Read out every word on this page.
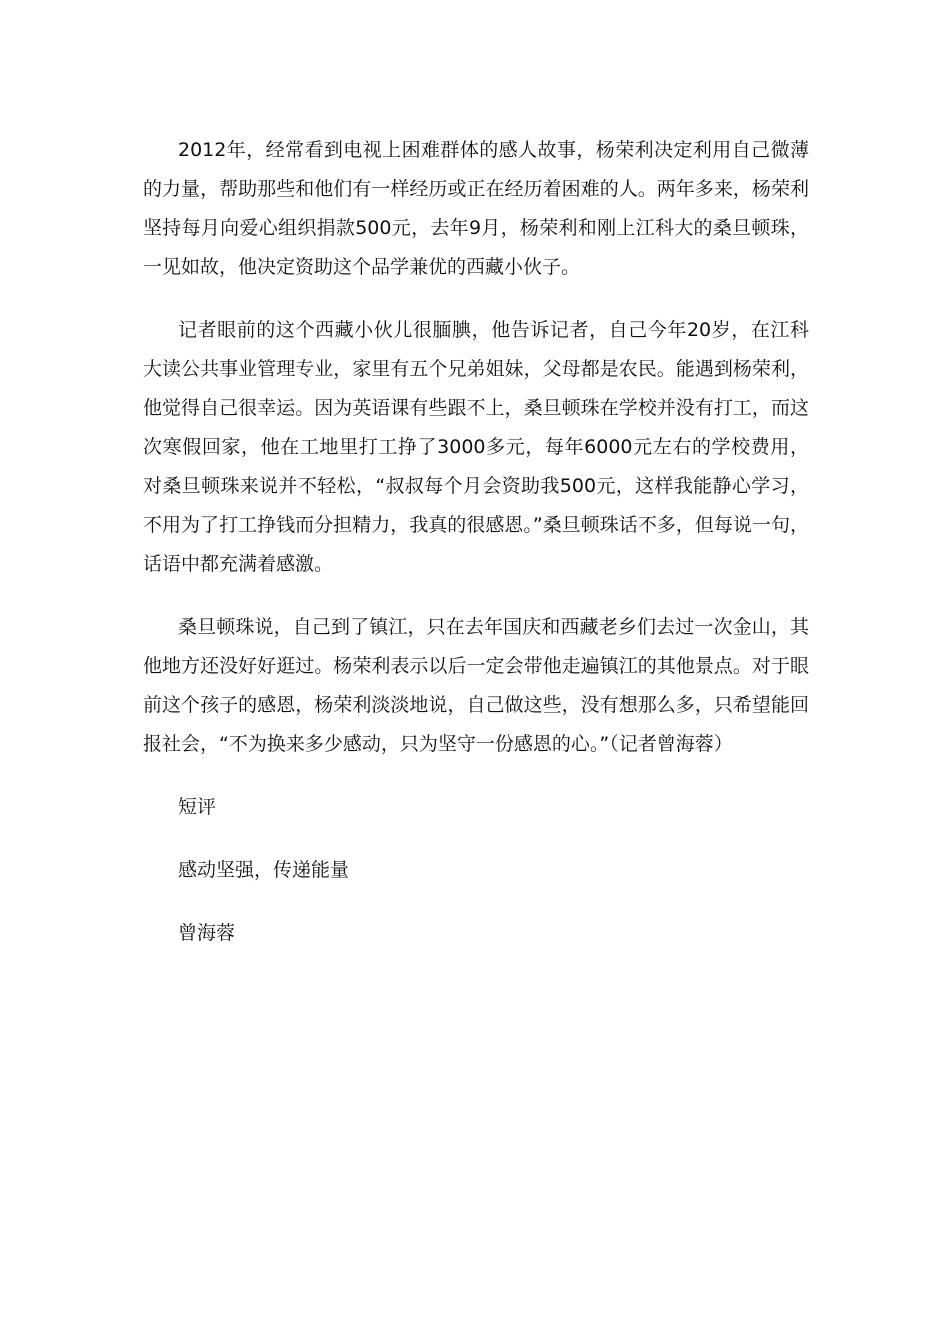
2012年，经常看到电视上困难群体的感人故事，杨荣利决定利用自己微薄的力量，帮助那些和他们有一样经历或正在经历着困难的人。两年多来，杨荣利坚持每月向爱心组织捐款500元，去年9月，杨荣利和刚上江科大的桑旦顿珠，一见如故，他决定资助这个品学兼优的西藏小伙子。

记者眼前的这个西藏小伙儿很腼腆，他告诉记者，自己今年20岁，在江科大读公共事业管理专业，家里有五个兄弟姐妹，父母都是农民。能遇到杨荣利，他觉得自己很幸运。因为英语课有些跟不上，桑旦顿珠在学校并没有打工，而这次寒假回家，他在工地里打工挣了3000多元，每年6000元左右的学校费用，对桑旦顿珠来说并不轻松，“叔叔每个月会资助我500元，这样我能静心学习，不用为了打工挣钱而分担精力，我真的很感恩。”桑旦顿珠话不多，但每说一句，话语中都充满着感激。

桑旦顿珠说，自己到了镇江，只在去年国庆和西藏老乡们去过一次金山，其他地方还没好好逛过。杨荣利表示以后一定会带他走遍镇江的其他景点。对于眼前这个孩子的感恩，杨荣利淡淡地说，自己做这些，没有想那么多，只希望能回报社会，“不为换来多少感动，只为坚守一份感恩的心。”（记者曾海蓉）

短评

感动坚强，传递能量

曾海蓉
